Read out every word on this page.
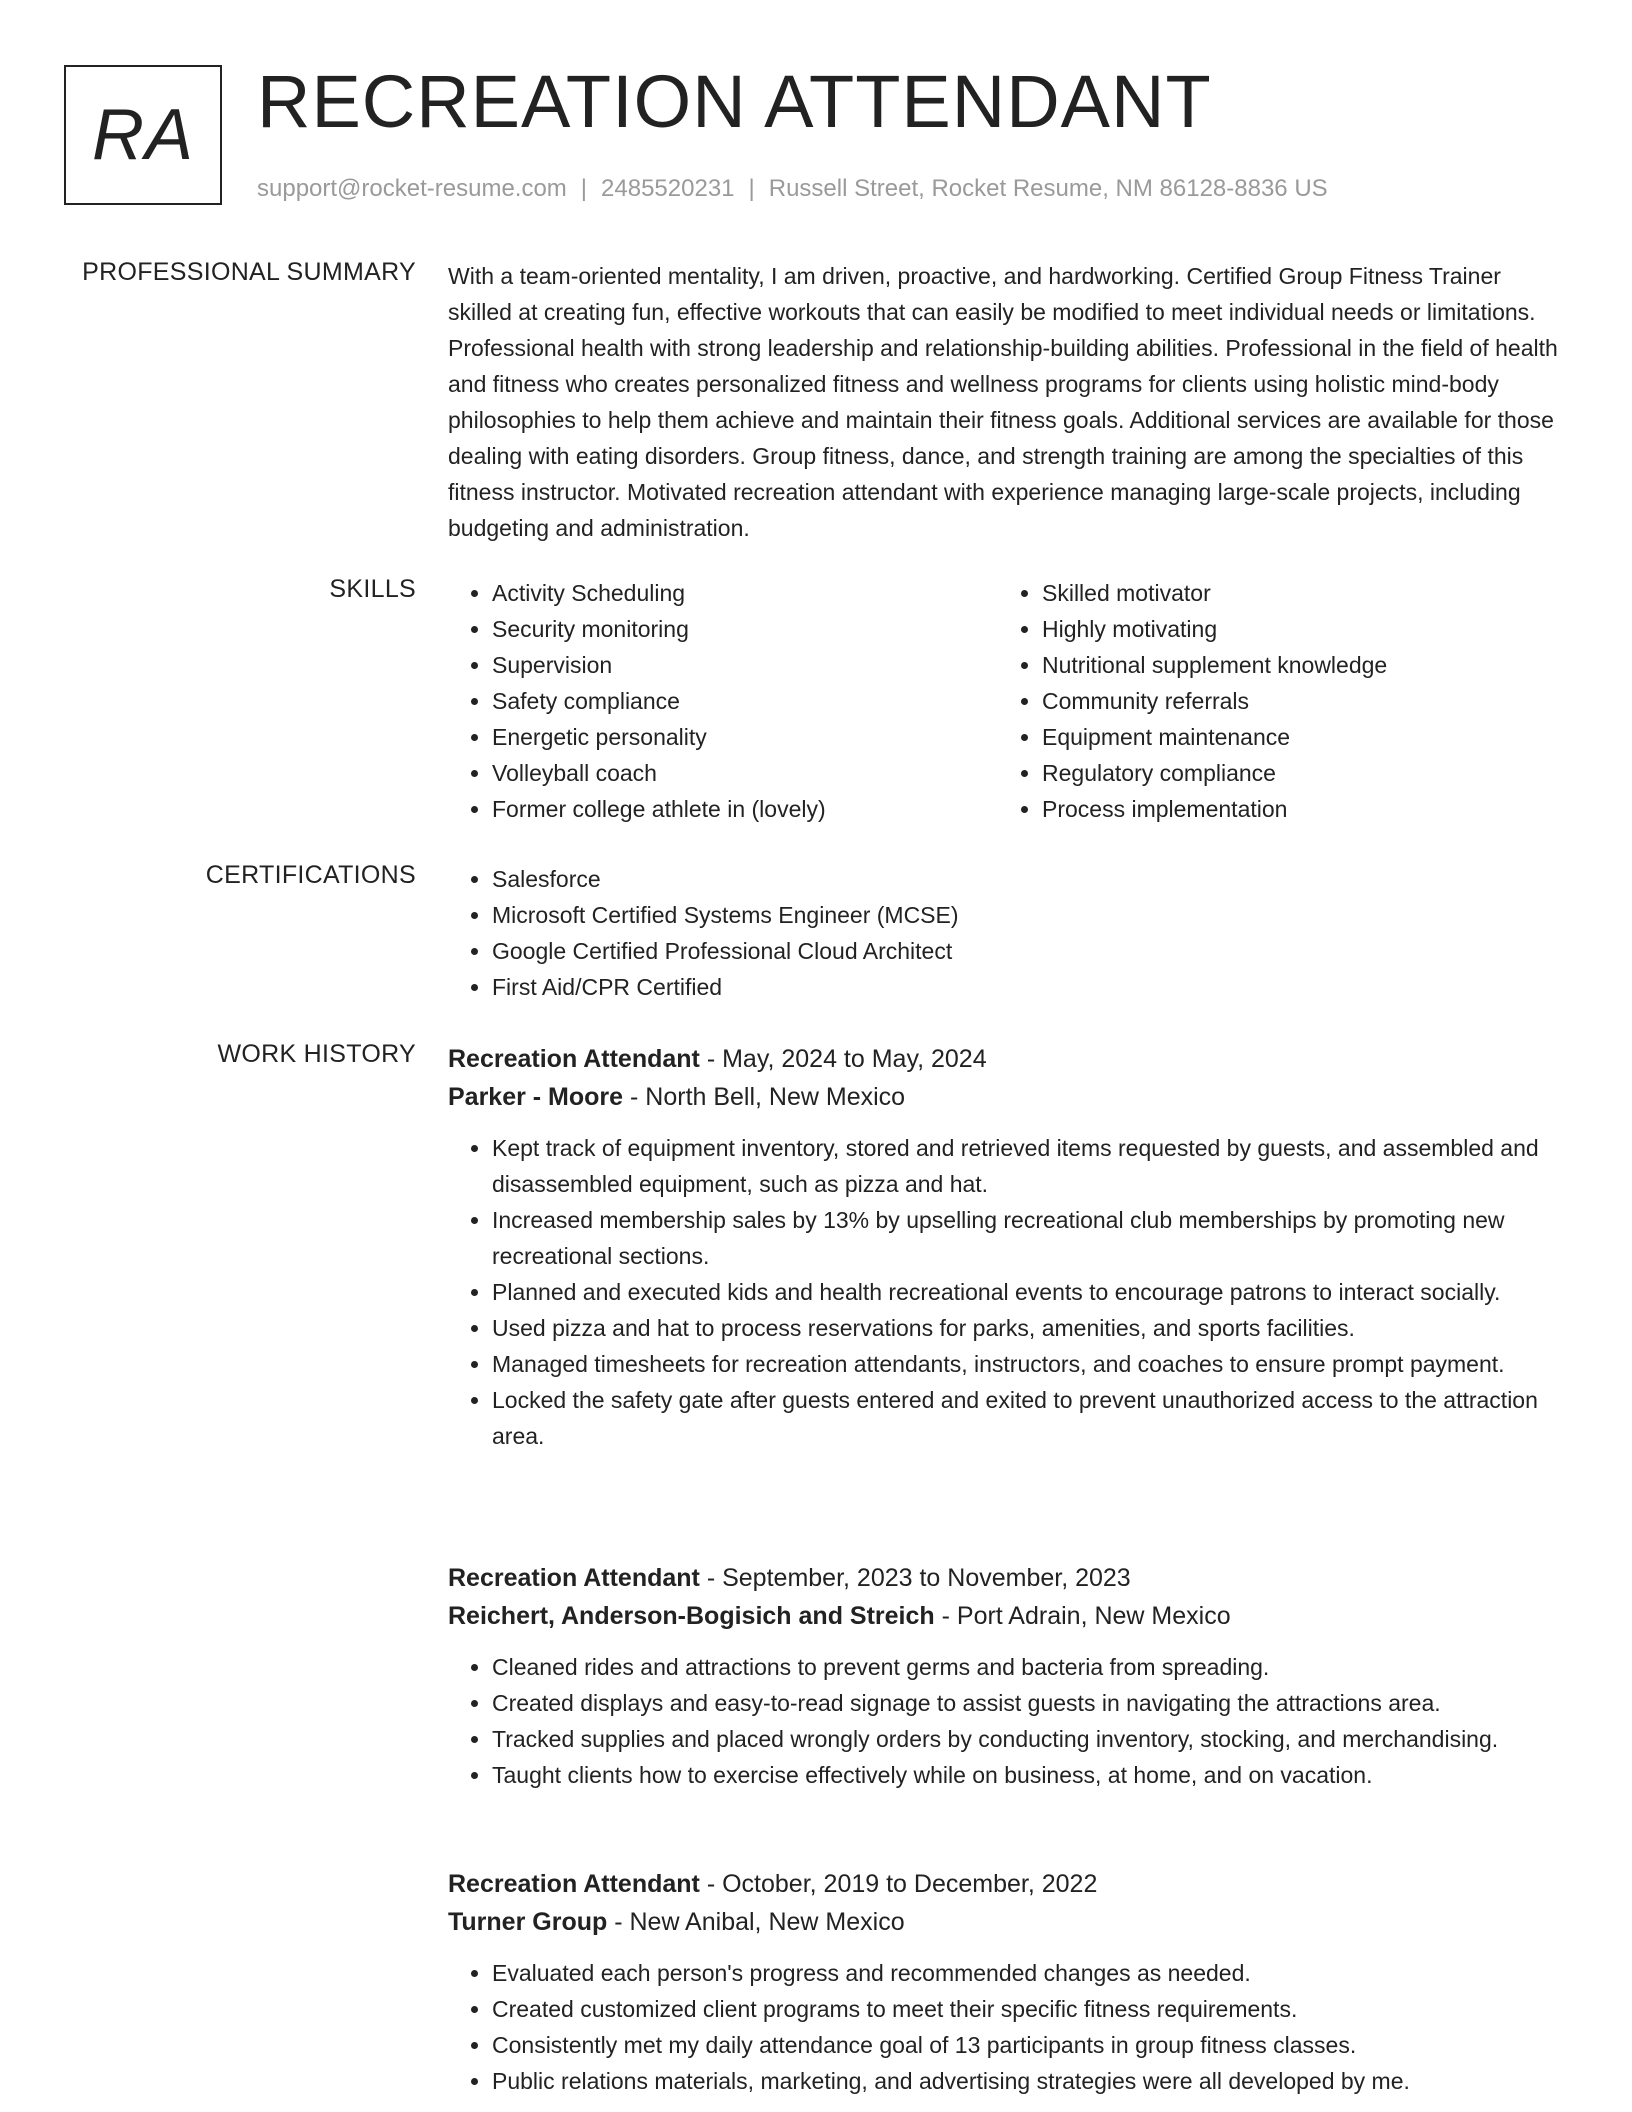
RA RECREATION ATTENDANT
support@rocket-resume.com | 2485520231 | Russell Street, Rocket Resume, NM 86128-8836 US
PROFESSIONAL SUMMARY With a team-oriented mentality, I am driven, proactive, and hardworking. Certified Group Fitness Trainer skilled at creating fun, effective workouts that can easily be modified to meet individual needs or limitations. Professional health with strong leadership and relationship-building abilities. Professional in the field of health and fitness who creates personalized fitness and wellness programs for clients using holistic mind-body philosophies to help them achieve and maintain their fitness goals. Additional services are available for those dealing with eating disorders. Group fitness, dance, and strength training are among the specialties of this fitness instructor. Motivated recreation attendant with experience managing large-scale projects, including budgeting and administration.

SKILLS	• Activity Scheduling
• Security monitoring
• Supervision
• Safety compliance
• Energetic personality
• Volleyball coach
• Former college athlete in (lovely)
• Skilled motivator
• Highly motivating
• Nutritional supplement knowledge
• Community referrals
• Equipment maintenance
• Regulatory compliance
• Process implementation
CERTIFICATIONS	• Salesforce
• Microsoft Certified Systems Engineer (MCSE)
• Google Certified Professional Cloud Architect
• First Aid/CPR Certified
WORK HISTORY Recreation Attendant - May, 2024 to May, 2024
Parker - Moore - North Bell, New Mexico
• Kept track of equipment inventory, stored and retrieved items requested by guests, and assembled and disassembled equipment, such as pizza and hat.
• Increased membership sales by 13% by upselling recreational club memberships by promoting new recreational sections.
• Planned and executed kids and health recreational events to encourage patrons to interact socially.
• Used pizza and hat to process reservations for parks, amenities, and sports facilities.
• Managed timesheets for recreation attendants, instructors, and coaches to ensure prompt payment.
• Locked the safety gate after guests entered and exited to prevent unauthorized access to the attraction area.
Recreation Attendant - September, 2023 to November, 2023
Reichert, Anderson-Bogisich and Streich - Port Adrain, New Mexico
• Cleaned rides and attractions to prevent germs and bacteria from spreading.
• Created displays and easy-to-read signage to assist guests in navigating the attractions area.
• Tracked supplies and placed wrongly orders by conducting inventory, stocking, and merchandising.
• Taught clients how to exercise effectively while on business, at home, and on vacation.
Recreation Attendant - October, 2019 to December, 2022
Turner Group - New Anibal, New Mexico
• Evaluated each person's progress and recommended changes as needed.
• Created customized client programs to meet their specific fitness requirements.
• Consistently met my daily attendance goal of 13 participants in group fitness classes.
• Public relations materials, marketing, and advertising strategies were all developed by me.
